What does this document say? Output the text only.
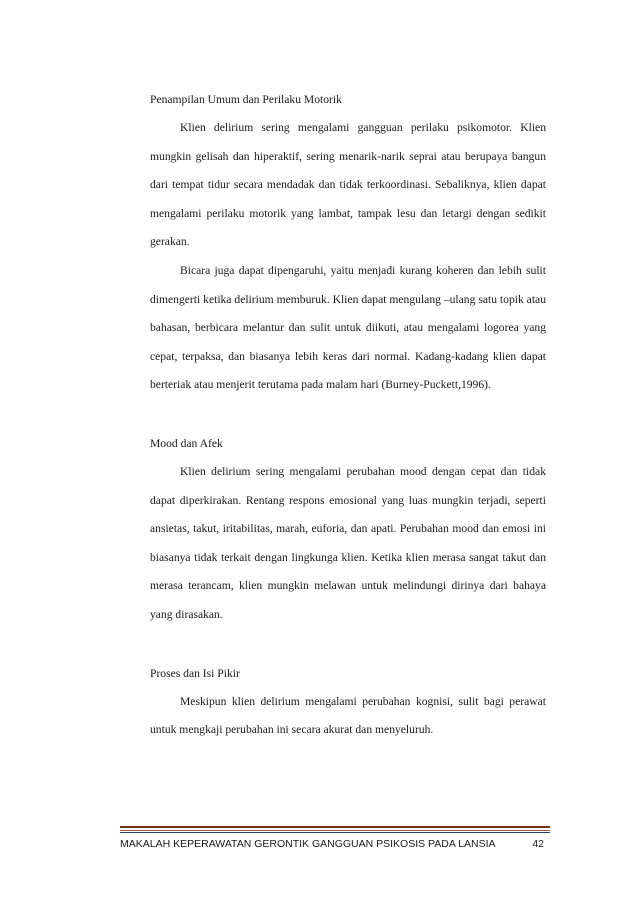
Penampilan Umum dan Perilaku Motorik

Klien delirium sering mengalami gangguan perilaku psikomotor. Klien mungkin gelisah dan hiperaktif, sering menarik-narik seprai atau berupaya bangun dari tempat tidur secara mendadak dan tidak terkoordinasi. Sebaliknya, klien dapat mengalami perilaku motorik yang lambat, tampak lesu dan letargi dengan sedikit gerakan.

Bicara juga dapat dipengaruhi, yaitu menjadi kurang koheren dan lebih sulit dimengerti ketika delirium memburuk. Klien dapat mengulang –ulang satu topik atau bahasan, berbicara melantur dan sulit untuk diikuti, atau mengalami logorea yang cepat, terpaksa, dan biasanya lebih keras dari normal. Kadang-kadang klien dapat berteriak atau menjerit terutama pada malam hari (Burney-Puckett,1996).

Mood dan Afek

Klien delirium sering mengalami perubahan mood dengan cepat dan tidak dapat diperkirakan. Rentang respons emosional yang luas mungkin terjadi, seperti ansietas, takut, iritabilitas, marah, euforia, dan apati. Perubahan mood dan emosi ini biasanya tidak terkait dengan lingkunga klien. Ketika klien merasa sangat takut dan merasa terancam, klien mungkin melawan untuk melindungi dirinya dari bahaya yang dirasakan.

Proses dan Isi Pikir

Meskipun klien delirium mengalami perubahan kognisi, sulit bagi perawat untuk mengkaji perubahan ini secara akurat dan menyeluruh.

MAKALAH KEPERAWATAN GERONTIK GANGGUAN PSIKOSIS PADA LANSIA	42
